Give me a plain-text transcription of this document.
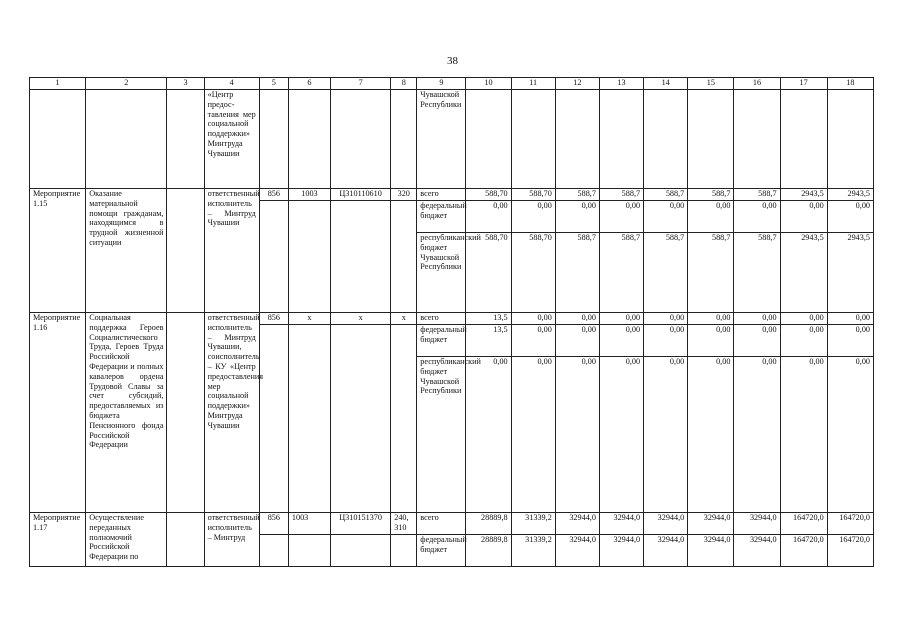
38
1	2	3	4	5	6	7	8	9	10	11	12	13	14	15	16	17	18
			«Центр предос- тавления мер социальной поддержки» Минтруда Чувашии					Чувашской Республики									
Мероприятие 1.15	Оказание материальной помощи гражданам, находящимся в трудной жизненной ситуации		ответственный исполнитель – Минтруд Чувашии	856	1003	Ц310110610	320	всего	588,70	588,70	588,7	588,7	588,7	588,7	588,7	2943,5	2943,5
								федеральный бюджет	0,00	0,00	0,00	0,00	0,00	0,00	0,00	0,00	0,00
								республиканский бюджет Чувашской Республики	588,70	588,70	588,7	588,7	588,7	588,7	588,7	2943,5	2943,5
Мероприятие 1.16	Социальная поддержка Героев Социалистического Труда, Героев Труда Российской Федерации и полных кавалеров ордена Трудовой Славы за счет субсидий, предоставляемых из бюджета Пенсионного фонда Российской Федерации		ответственный исполнитель – Минтруд Чувашии, соисполнитель – КУ «Центр предоставления мер социальной поддержки» Минтруда Чувашии	856	х	х	х	всего	13,5	0,00	0,00	0,00	0,00	0,00	0,00	0,00	0,00
								федеральный бюджет	13,5	0,00	0,00	0,00	0,00	0,00	0,00	0,00	0,00
								республиканский бюджет Чувашской Республики	0,00	0,00	0,00	0,00	0,00	0,00	0,00	0,00	0,00
Мероприятие 1.17	Осуществление переданных полномочий Российской Федерации по		ответственный исполнитель – Минтруд	856	1003	Ц310151370	240, 310	всего	28889,8	31339,2	32944,0	32944,0	32944,0	32944,0	32944,0	164720,0	164720,0
								федеральный бюджет	28889,8	31339,2	32944,0	32944,0	32944,0	32944,0	32944,0	164720,0	164720,0
